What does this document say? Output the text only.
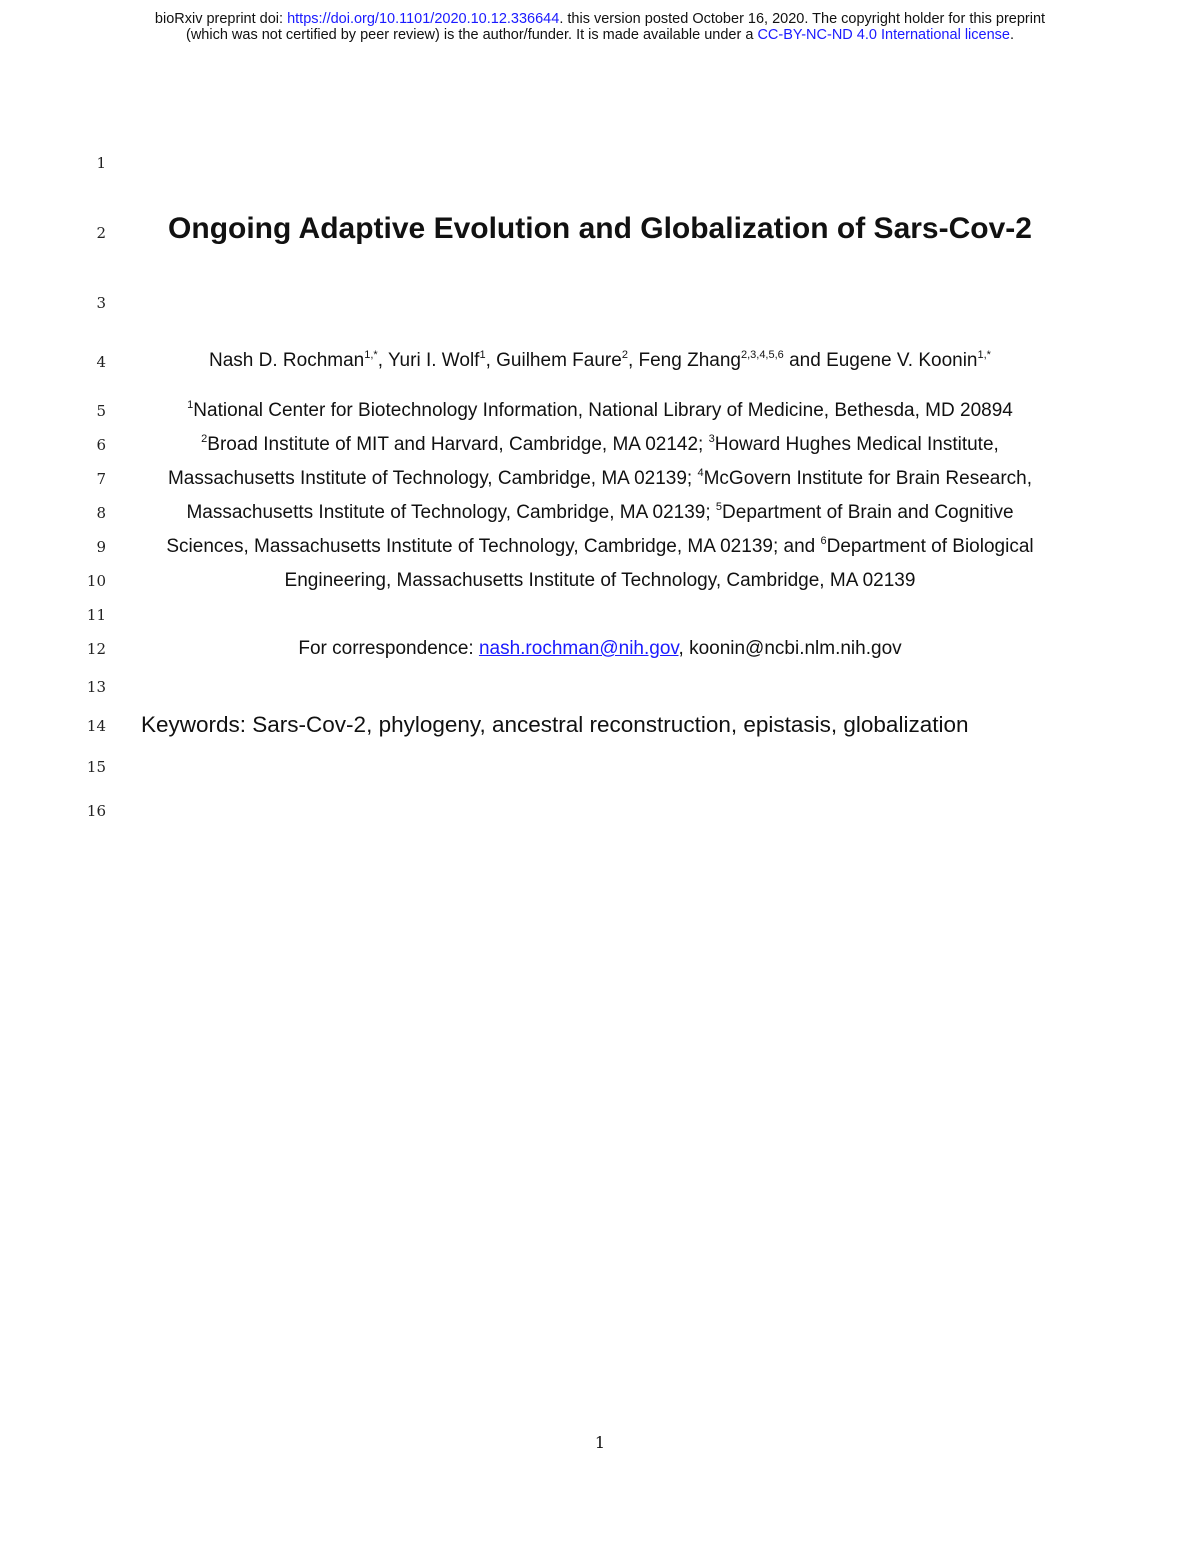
bioRxiv preprint doi: https://doi.org/10.1101/2020.10.12.336644. this version posted October 16, 2020. The copyright holder for this preprint
(which was not certified by peer review) is the author/funder. It is made available under a CC-BY-NC-ND 4.0 International license.
1
2
3
4
5
6
7
8
9
10
11
12
13
14
15
16
Ongoing Adaptive Evolution and Globalization of Sars-Cov-2
Nash D. Rochman$^{1,*}$, Yuri I. Wolf$^1$, Guilhem Faure$^2$, Feng Zhang$^{2,3,4,5,6}$ and Eugene V. Koonin$^{1,*}$
$^1$National Center for Biotechnology Information, National Library of Medicine, Bethesda, MD 20894
$^2$Broad Institute of MIT and Harvard, Cambridge, MA 02142; $^3$Howard Hughes Medical Institute,
Massachusetts Institute of Technology, Cambridge, MA 02139; $^4$McGovern Institute for Brain Research,
Massachusetts Institute of Technology, Cambridge, MA 02139; $^5$Department of Brain and Cognitive
Sciences, Massachusetts Institute of Technology, Cambridge, MA 02139; and $^6$Department of Biological
Engineering, Massachusetts Institute of Technology, Cambridge, MA 02139
For correspondence: nash.rochman@nih.gov, koonin@ncbi.nlm.nih.gov
Keywords: Sars-Cov-2, phylogeny, ancestral reconstruction, epistasis, globalization
1
